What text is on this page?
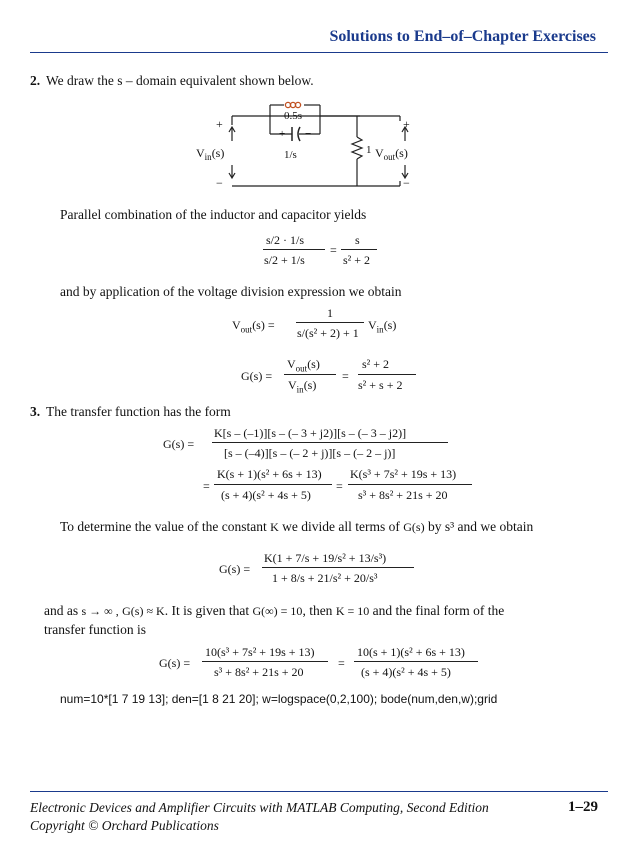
Solutions to End–of–Chapter Exercises
2. We draw the s – domain equivalent shown below.
0.5s
+ −
1/s	1
+
−
+
−
$V_{in}(s)$	$V_{out}(s)$
Parallel combination of the inductor and capacitor yields
s/2 · 1/s
s/2 + 1/s
=
s
s² + 2
and by application of the voltage division expression we obtain
$V_{out}(s)$ =
1
s/(s² + 2) + 1
$V_{in}(s)$
G(s) =
$V_{out}(s)$
$V_{in}(s)$
=
s² + 2
s² + s + 2
3. The transfer function has the form
G(s) =
K[s – (–1)][s – (– 3 + j2)][s – (– 3 – j2)]
[s – (–4)][s – (– 2 + j)][s – (– 2 – j)]
=
K(s + 1)(s² + 6s + 13)
(s + 4)(s² + 4s + 5)
=
K(s³ + 7s² + 19s + 13)
s³ + 8s² + 21s + 20
To determine the value of the constant K we divide all terms of G(s) by s³ and we obtain
G(s) =
K(1 + 7/s + 19/s² + 13/s³)
1 + 8/s + 21/s² + 20/s³
and as s → ∞ , G(s) ≈ K. It is given that G(∞) = 10, then K = 10 and the final form of the
transfer function is
G(s) =
10(s³ + 7s² + 19s + 13)
s³ + 8s² + 21s + 20
=
10(s + 1)(s² + 6s + 13)
(s + 4)(s² + 4s + 5)
num=10*[1 7 19 13]; den=[1 8 21 20]; w=logspace(0,2,100); bode(num,den,w);grid
Electronic Devices and Amplifier Circuits with MATLAB Computing, Second Edition
Copyright © Orchard Publications
1–29
